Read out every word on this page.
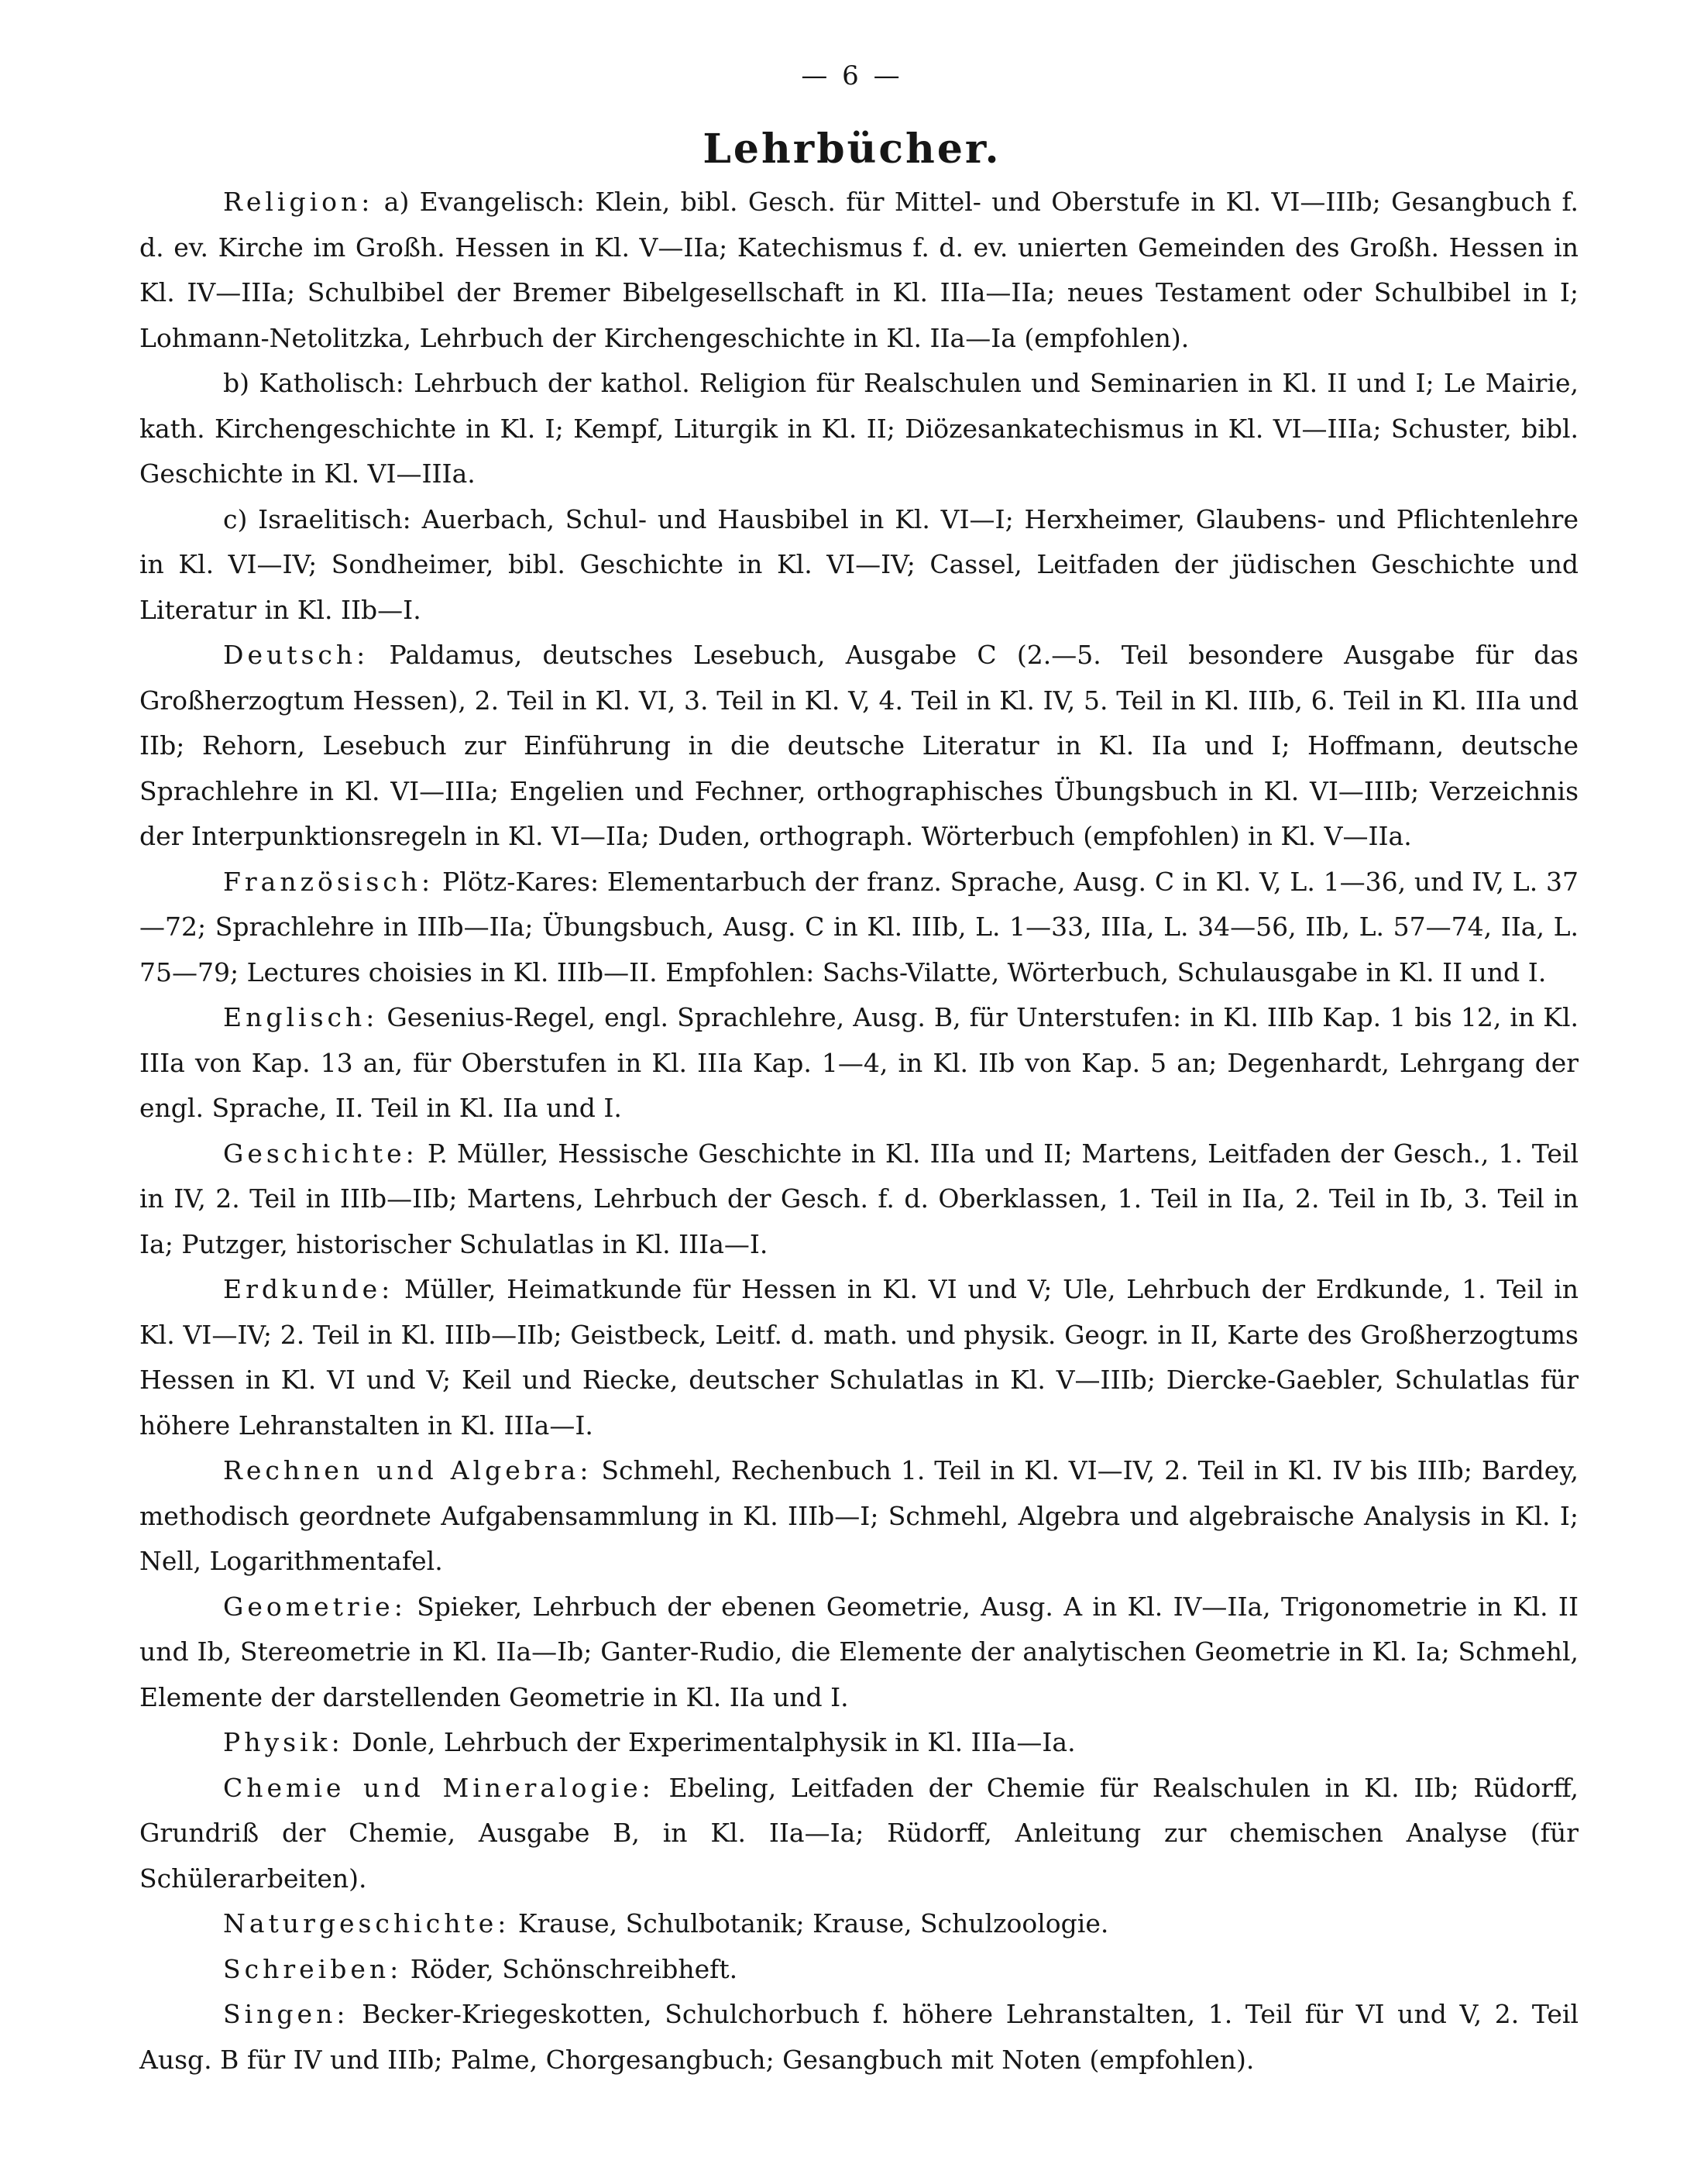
— 6 —
Lehrbücher.

Religion: a) Evangelisch: Klein, bibl. Gesch. für Mittel- und Oberstufe in Kl. VI—IIIb; Gesangbuch f. d. ev. Kirche im Großh. Hessen in Kl. V—IIa; Katechismus f. d. ev. unierten Gemeinden des Großh. Hessen in Kl. IV—IIIa; Schulbibel der Bremer Bibelgesellschaft in Kl. IIIa—IIa; neues Testament oder Schulbibel in I; Lohmann-Netolitzka, Lehrbuch der Kirchengeschichte in Kl. IIa—Ia (empfohlen).

b) Katholisch: Lehrbuch der kathol. Religion für Realschulen und Seminarien in Kl. II und I; Le Mairie, kath. Kirchengeschichte in Kl. I; Kempf, Liturgik in Kl. II; Diözesankatechismus in Kl. VI—IIIa; Schuster, bibl. Geschichte in Kl. VI—IIIa.

c) Israelitisch: Auerbach, Schul- und Hausbibel in Kl. VI—I; Herxheimer, Glaubens- und Pflichtenlehre in Kl. VI—IV; Sondheimer, bibl. Geschichte in Kl. VI—IV; Cassel, Leitfaden der jüdischen Geschichte und Literatur in Kl. IIb—I.

Deutsch: Paldamus, deutsches Lesebuch, Ausgabe C (2.—5. Teil besondere Ausgabe für das Großherzogtum Hessen), 2. Teil in Kl. VI, 3. Teil in Kl. V, 4. Teil in Kl. IV, 5. Teil in Kl. IIIb, 6. Teil in Kl. IIIa und IIb; Rehorn, Lesebuch zur Einführung in die deutsche Literatur in Kl. IIa und I; Hoffmann, deutsche Sprachlehre in Kl. VI—IIIa; Engelien und Fechner, orthographisches Übungsbuch in Kl. VI—IIIb; Verzeichnis der Interpunktionsregeln in Kl. VI—IIa; Duden, orthograph. Wörterbuch (empfohlen) in Kl. V—IIa.

Französisch: Plötz-Kares: Elementarbuch der franz. Sprache, Ausg. C in Kl. V, L. 1—36, und IV, L. 37—72; Sprachlehre in IIIb—IIa; Übungsbuch, Ausg. C in Kl. IIIb, L. 1—33, IIIa, L. 34—56, IIb, L. 57—74, IIa, L. 75—79; Lectures choisies in Kl. IIIb—II. Empfohlen: Sachs-Vilatte, Wörterbuch, Schulausgabe in Kl. II und I.

Englisch: Gesenius-Regel, engl. Sprachlehre, Ausg. B, für Unterstufen: in Kl. IIIb Kap. 1 bis 12, in Kl. IIIa von Kap. 13 an, für Oberstufen in Kl. IIIa Kap. 1—4, in Kl. IIb von Kap. 5 an; Degenhardt, Lehrgang der engl. Sprache, II. Teil in Kl. IIa und I.

Geschichte: P. Müller, Hessische Geschichte in Kl. IIIa und II; Martens, Leitfaden der Gesch., 1. Teil in IV, 2. Teil in IIIb—IIb; Martens, Lehrbuch der Gesch. f. d. Oberklassen, 1. Teil in IIa, 2. Teil in Ib, 3. Teil in Ia; Putzger, historischer Schulatlas in Kl. IIIa—I.

Erdkunde: Müller, Heimatkunde für Hessen in Kl. VI und V; Ule, Lehrbuch der Erdkunde, 1. Teil in Kl. VI—IV; 2. Teil in Kl. IIIb—IIb; Geistbeck, Leitf. d. math. und physik. Geogr. in II, Karte des Großherzogtums Hessen in Kl. VI und V; Keil und Riecke, deutscher Schulatlas in Kl. V—IIIb; Diercke-Gaebler, Schulatlas für höhere Lehranstalten in Kl. IIIa—I.

Rechnen und Algebra: Schmehl, Rechenbuch 1. Teil in Kl. VI—IV, 2. Teil in Kl. IV bis IIIb; Bardey, methodisch geordnete Aufgabensammlung in Kl. IIIb—I; Schmehl, Algebra und algebraische Analysis in Kl. I; Nell, Logarithmentafel.

Geometrie: Spieker, Lehrbuch der ebenen Geometrie, Ausg. A in Kl. IV—IIa, Trigonometrie in Kl. II und Ib, Stereometrie in Kl. IIa—Ib; Ganter-Rudio, die Elemente der analytischen Geometrie in Kl. Ia; Schmehl, Elemente der darstellenden Geometrie in Kl. IIa und I.

Physik: Donle, Lehrbuch der Experimentalphysik in Kl. IIIa—Ia.

Chemie und Mineralogie: Ebeling, Leitfaden der Chemie für Realschulen in Kl. IIb; Rüdorff, Grundriß der Chemie, Ausgabe B, in Kl. IIa—Ia; Rüdorff, Anleitung zur chemischen Analyse (für Schülerarbeiten).

Naturgeschichte: Krause, Schulbotanik; Krause, Schulzoologie.

Schreiben: Röder, Schönschreibheft.

Singen: Becker-Kriegeskotten, Schulchorbuch f. höhere Lehranstalten, 1. Teil für VI und V, 2. Teil Ausg. B für IV und IIIb; Palme, Chorgesangbuch; Gesangbuch mit Noten (empfohlen).
